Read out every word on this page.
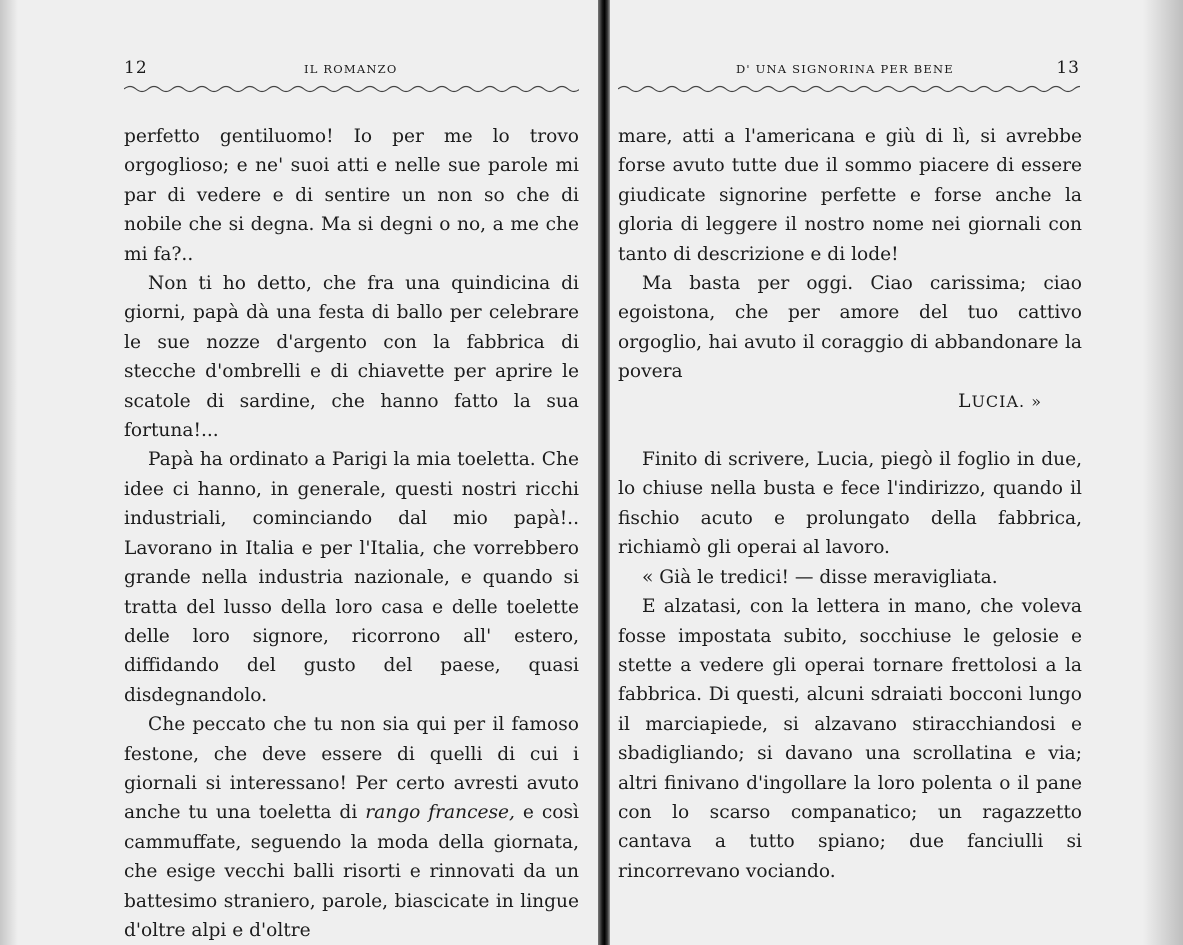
12	IL ROMANZO

perfetto gentiluomo! Io per me lo trovo orgoglioso; e ne' suoi atti e nelle sue parole mi par di vedere e di sentire un non so che di nobile che si degna. Ma si degni o no, a me che mi fa?..

Non ti ho detto, che fra una quindicina di giorni, papà dà una festa di ballo per celebrare le sue nozze d'argento con la fabbrica di stecche d'ombrelli e di chiavette per aprire le scatole di sardine, che hanno fatto la sua fortuna!...

Papà ha ordinato a Parigi la mia toeletta. Che idee ci hanno, in generale, questi nostri ricchi industriali, cominciando dal mio papà!.. Lavorano in Italia e per l'Italia, che vorrebbero grande nella industria nazionale, e quando si tratta del lusso della loro casa e delle toelette delle loro signore, ricorrono all' estero, diffidando del gusto del paese, quasi disdegnandolo.

Che peccato che tu non sia qui per il famoso festone, che deve essere di quelli di cui i giornali si interessano! Per certo avresti avuto anche tu una toeletta di rango francese, e così cammuffate, seguendo la moda della giornata, che esige vecchi balli risorti e rinnovati da un battesimo straniero, parole, biascicate in lingue d'oltre alpi e d'oltre

D' UNA SIGNORINA PER BENE	13

mare, atti a l'americana e giù di lì, si avrebbe forse avuto tutte due il sommo piacere di essere giudicate signorine perfette e forse anche la gloria di leggere il nostro nome nei giornali con tanto di descrizione e di lode!

Ma basta per oggi. Ciao carissima; ciao egoistona, che per amore del tuo cattivo orgoglio, hai avuto il coraggio di abbandonare la povera

LUCIA. »

Finito di scrivere, Lucia, piegò il foglio in due, lo chiuse nella busta e fece l'indirizzo, quando il fischio acuto e prolungato della fabbrica, richiamò gli operai al lavoro.

« Già le tredici! — disse meravigliata.

E alzatasi, con la lettera in mano, che voleva fosse impostata subito, socchiuse le gelosie e stette a vedere gli operai tornare frettolosi a la fabbrica. Di questi, alcuni sdraiati bocconi lungo il marciapiede, si alzavano stiracchiandosi e sbadigliando; si davano una scrollatina e via; altri finivano d'ingollare la loro polenta o il pane con lo scarso companatico; un ragazzetto cantava a tutto spiano; due fanciulli si rincorrevano vociando.
